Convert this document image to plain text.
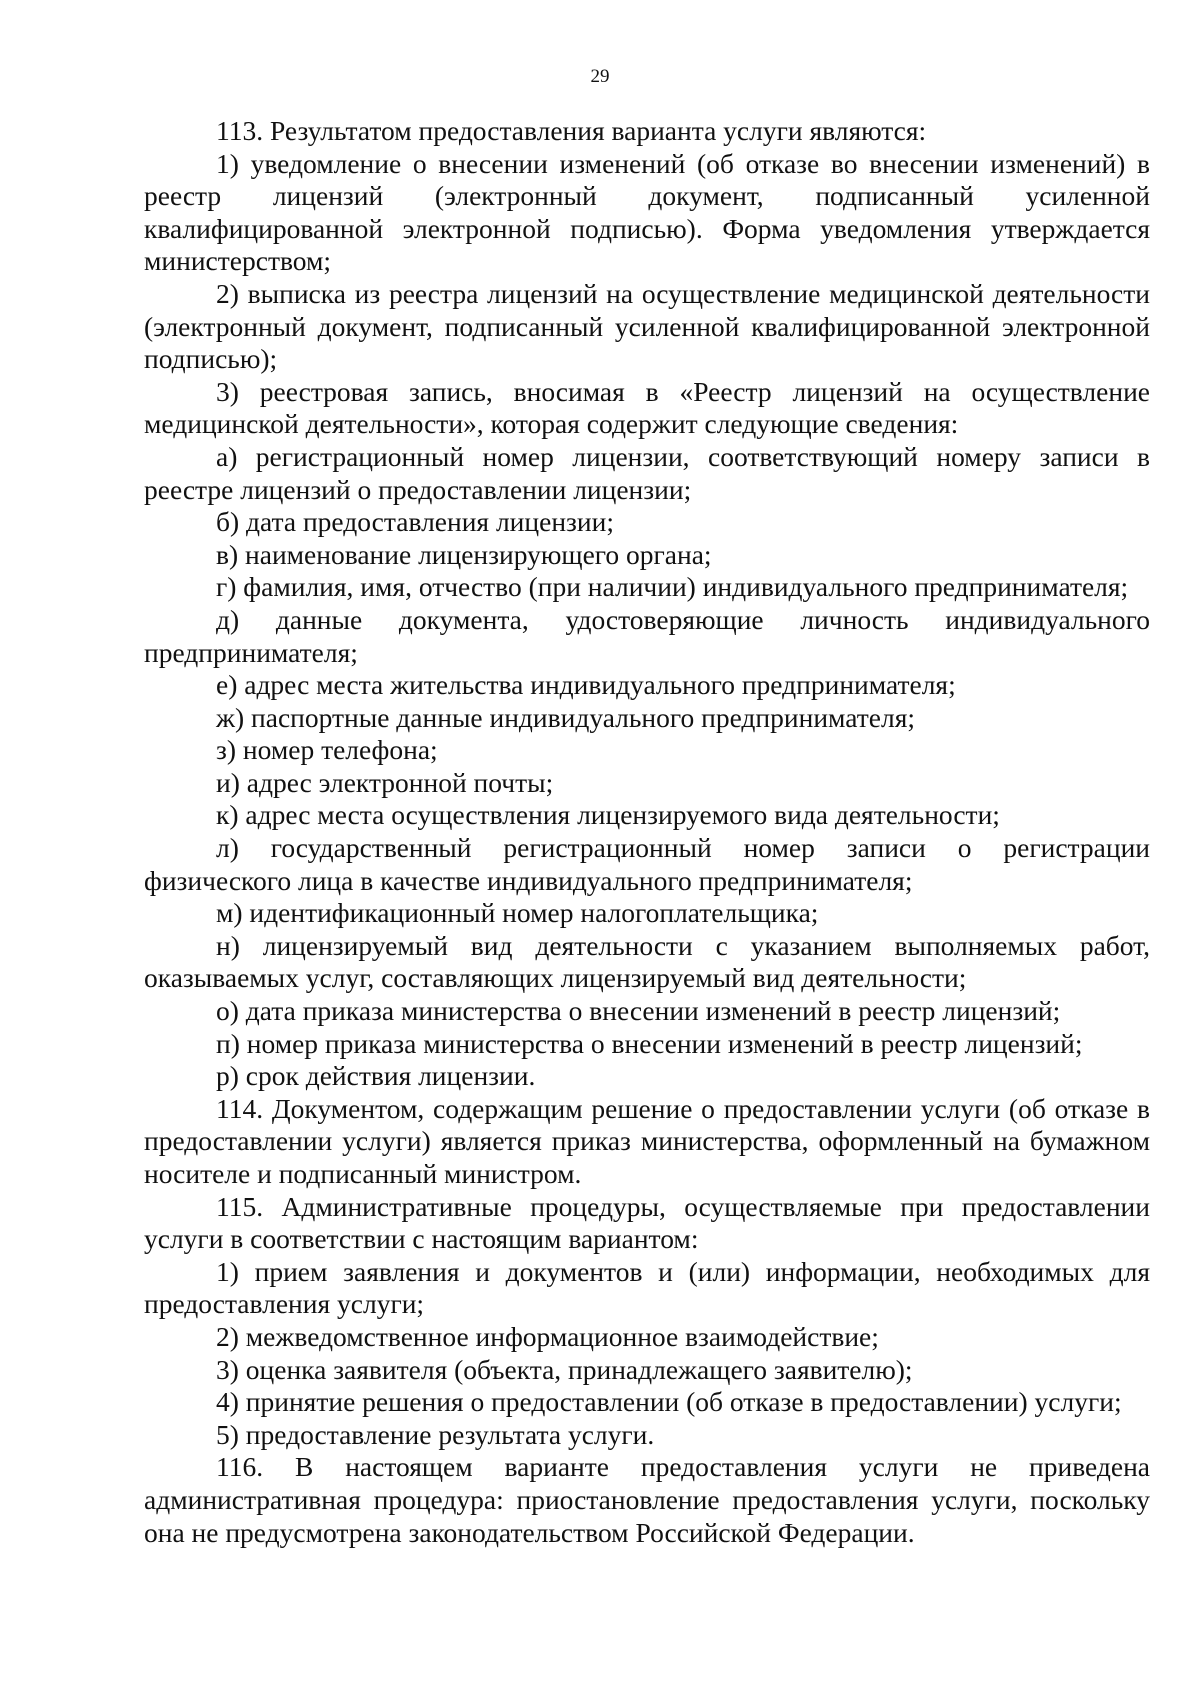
29

113. Результатом предоставления варианта услуги являются:

1) уведомление о внесении изменений (об отказе во внесении изменений) в реестр лицензий (электронный документ, подписанный усиленной квалифицированной электронной подписью). Форма уведомления утверждается министерством;

2) выписка из реестра лицензий на осуществление медицинской деятельности (электронный документ, подписанный усиленной квалифицированной электронной подписью);

3) реестровая запись, вносимая в «Реестр лицензий на осуществление медицинской деятельности», которая содержит следующие сведения:

а) регистрационный номер лицензии, соответствующий номеру записи в реестре лицензий о предоставлении лицензии;

б) дата предоставления лицензии;

в) наименование лицензирующего органа;

г) фамилия, имя, отчество (при наличии) индивидуального предпринимателя;

д) данные документа, удостоверяющие личность индивидуального предпринимателя;

е) адрес места жительства индивидуального предпринимателя;

ж) паспортные данные индивидуального предпринимателя;

з) номер телефона;

и) адрес электронной почты;

к) адрес места осуществления лицензируемого вида деятельности;

л) государственный регистрационный номер записи о регистрации физического лица в качестве индивидуального предпринимателя;

м) идентификационный номер налогоплательщика;

н) лицензируемый вид деятельности с указанием выполняемых работ, оказываемых услуг, составляющих лицензируемый вид деятельности;

о) дата приказа министерства о внесении изменений в реестр лицензий;

п) номер приказа министерства о внесении изменений в реестр лицензий;

р) срок действия лицензии.

114. Документом, содержащим решение о предоставлении услуги (об отказе в предоставлении услуги) является приказ министерства, оформленный на бумажном носителе и подписанный министром.

115. Административные процедуры, осуществляемые при предоставлении услуги в соответствии с настоящим вариантом:

1) прием заявления и документов и (или) информации, необходимых для предоставления услуги;

2) межведомственное информационное взаимодействие;

3) оценка заявителя (объекта, принадлежащего заявителю);

4) принятие решения о предоставлении (об отказе в предоставлении) услуги;

5) предоставление результата услуги.

116. В настоящем варианте предоставления услуги не приведена административная процедура: приостановление предоставления услуги, поскольку она не предусмотрена законодательством Российской Федерации.
